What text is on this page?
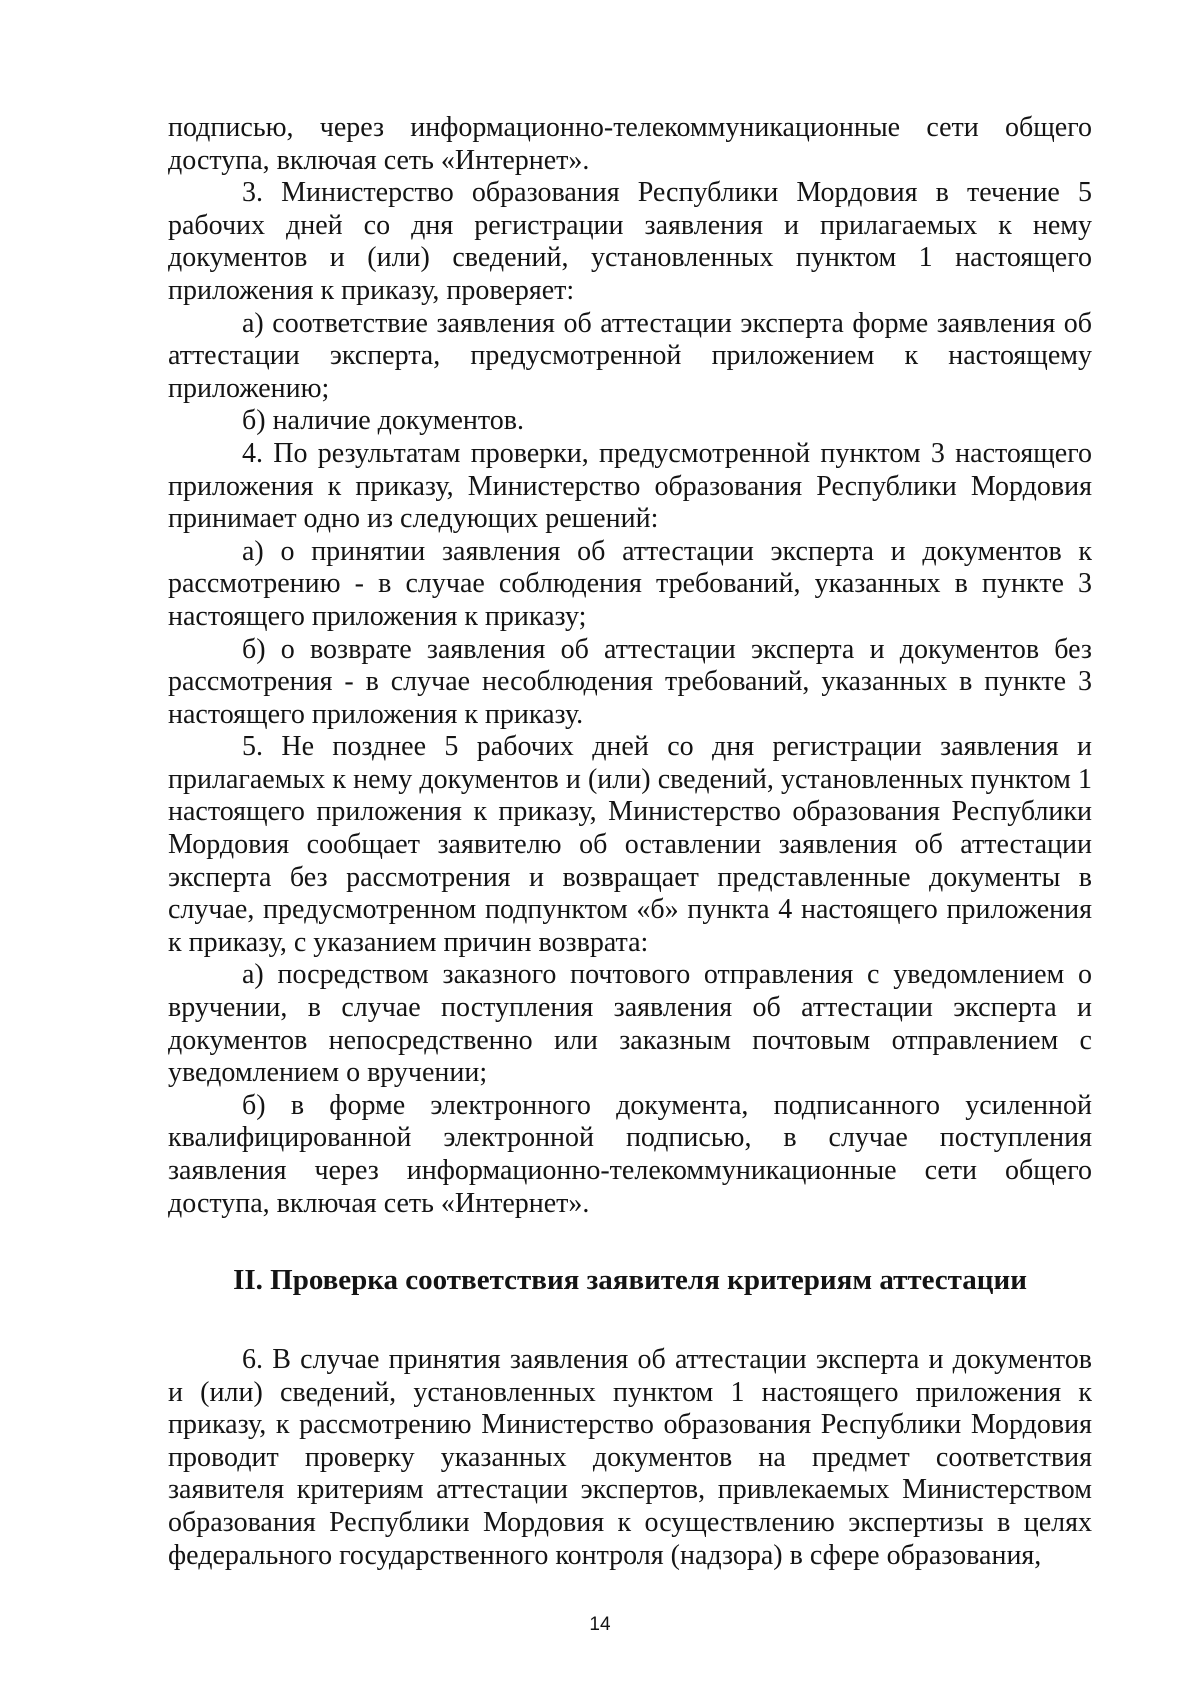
подписью, через информационно-телекоммуникационные сети общего доступа, включая сеть «Интернет».

3. Министерство образования Республики Мордовия в течение 5 рабочих дней со дня регистрации заявления и прилагаемых к нему документов и (или) сведений, установленных пунктом 1 настоящего приложения к приказу, проверяет:

а) соответствие заявления об аттестации эксперта форме заявления об аттестации эксперта, предусмотренной приложением к настоящему приложению;

б) наличие документов.

4. По результатам проверки, предусмотренной пунктом 3 настоящего приложения к приказу, Министерство образования Республики Мордовия принимает одно из следующих решений:

а) о принятии заявления об аттестации эксперта и документов к рассмотрению - в случае соблюдения требований, указанных в пункте 3 настоящего приложения к приказу;

б) о возврате заявления об аттестации эксперта и документов без рассмотрения - в случае несоблюдения требований, указанных в пункте 3 настоящего приложения к приказу.

5. Не позднее 5 рабочих дней со дня регистрации заявления и прилагаемых к нему документов и (или) сведений, установленных пунктом 1 настоящего приложения к приказу, Министерство образования Республики Мордовия сообщает заявителю об оставлении заявления об аттестации эксперта без рассмотрения и возвращает представленные документы в случае, предусмотренном подпунктом «б» пункта 4 настоящего приложения к приказу, с указанием причин возврата:

а) посредством заказного почтового отправления с уведомлением о вручении, в случае поступления заявления об аттестации эксперта и документов непосредственно или заказным почтовым отправлением с уведомлением о вручении;

б) в форме электронного документа, подписанного усиленной квалифицированной электронной подписью, в случае поступления заявления через информационно-телекоммуникационные сети общего доступа, включая сеть «Интернет».

II. Проверка соответствия заявителя критериям аттестации

6. В случае принятия заявления об аттестации эксперта и документов и (или) сведений, установленных пунктом 1 настоящего приложения к приказу, к рассмотрению Министерство образования Республики Мордовия проводит проверку указанных документов на предмет соответствия заявителя критериям аттестации экспертов, привлекаемых Министерством образования Республики Мордовия к осуществлению экспертизы в целях федерального государственного контроля (надзора) в сфере образования,

14
